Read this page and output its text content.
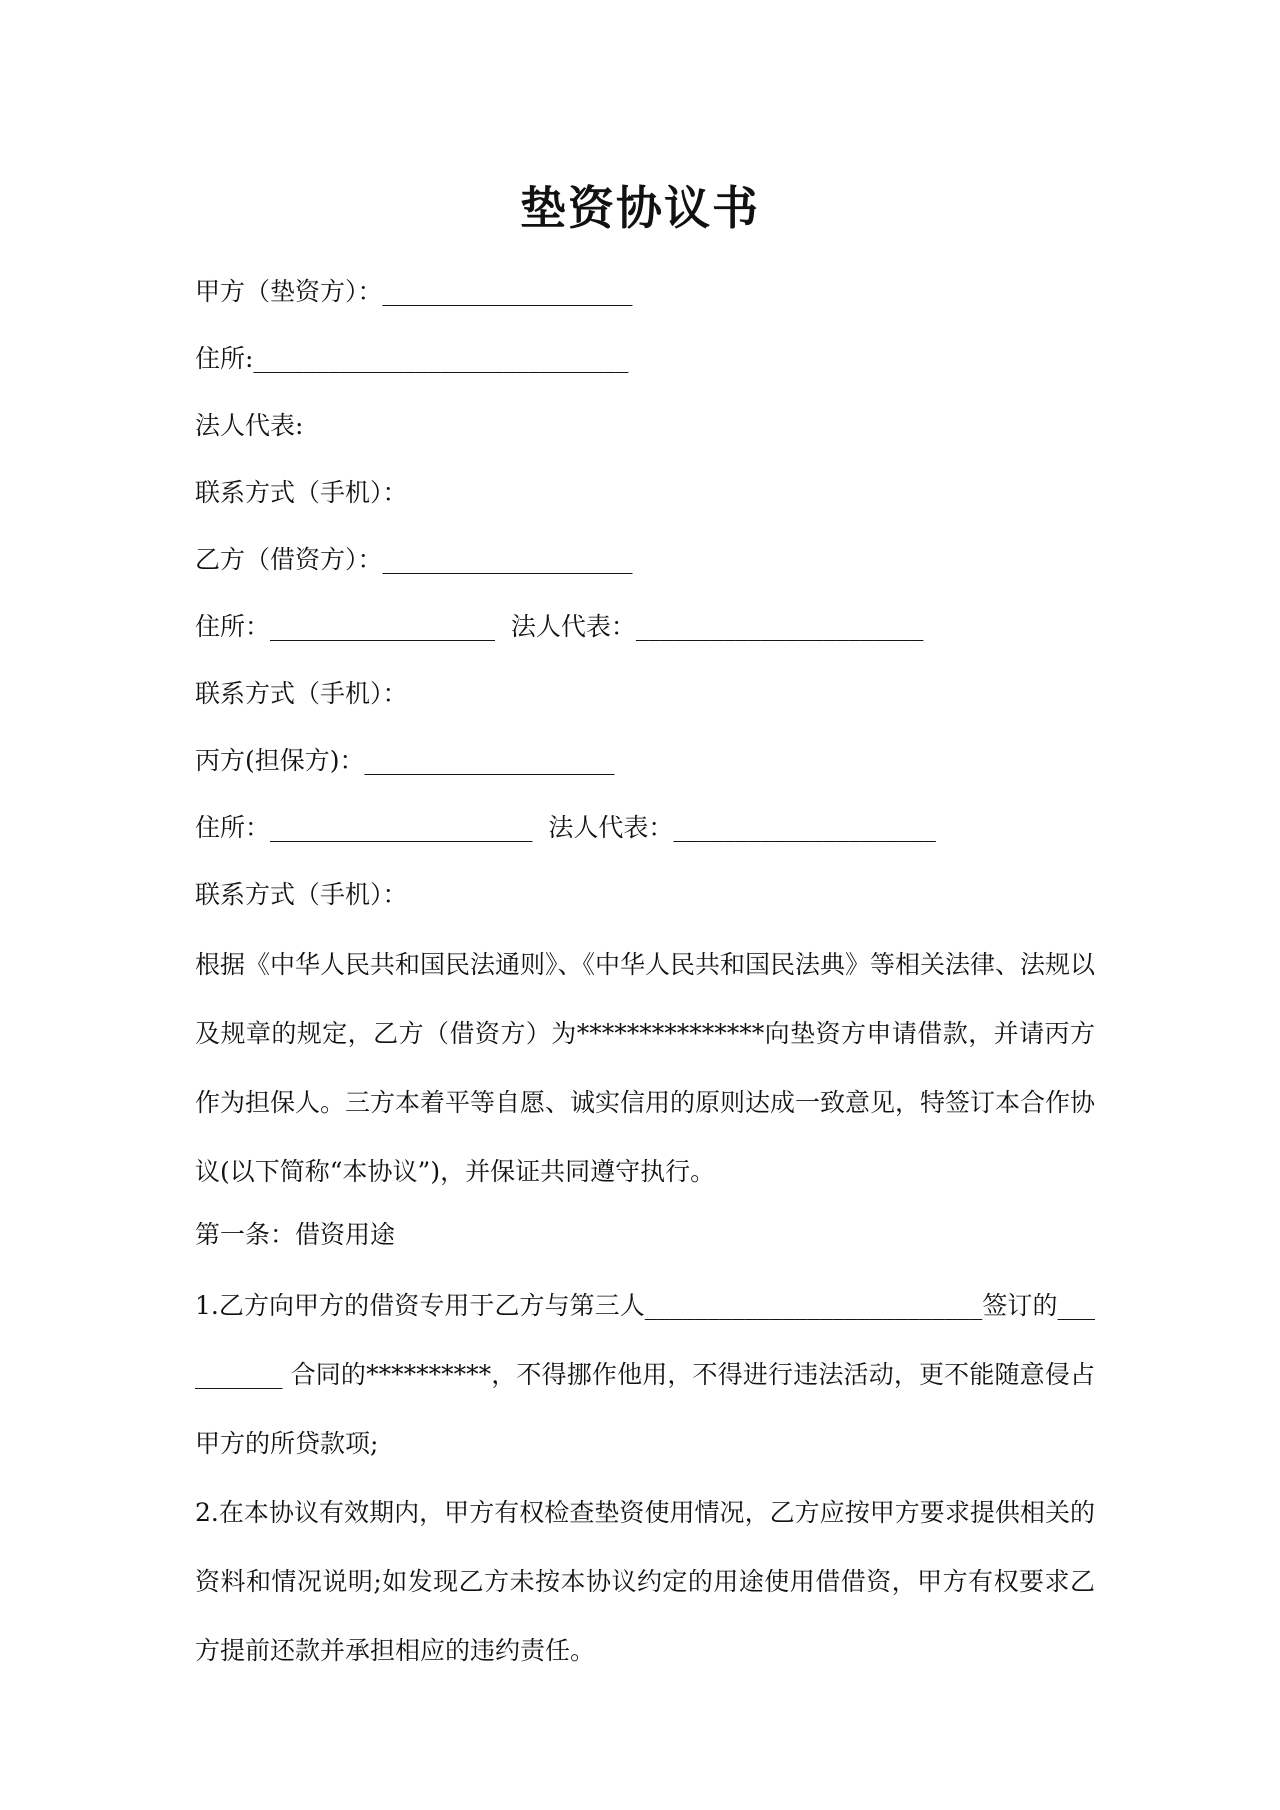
垫资协议书
甲方（垫资方）：____________________
住所:______________________________
法人代表:
联系方式（手机）：
乙方（借资方）：____________________
住所：__________________  法人代表：_______________________
联系方式（手机）：
丙方(担保方)：____________________
住所：_____________________  法人代表：_____________________
联系方式（手机）：
根据《中华人民共和国民法通则》、《中华人民共和国民法典》等相关法律、法规以及规章的规定，乙方（借资方）为***************向垫资方申请借款，并请丙方作为担保人。三方本着平等自愿、诚实信用的原则达成一致意见，特签订本合作协议(以下简称“本协议”)，并保证共同遵守执行。
第一条：借资用途
1.乙方向甲方的借资专用于乙方与第三人___________________________签订的__________ 合同的**********，不得挪作他用，不得进行违法活动，更不能随意侵占甲方的所贷款项;
2.在本协议有效期内，甲方有权检查垫资使用情况，乙方应按甲方要求提供相关的资料和情况说明;如发现乙方未按本协议约定的用途使用借借资，甲方有权要求乙方提前还款并承担相应的违约责任。
